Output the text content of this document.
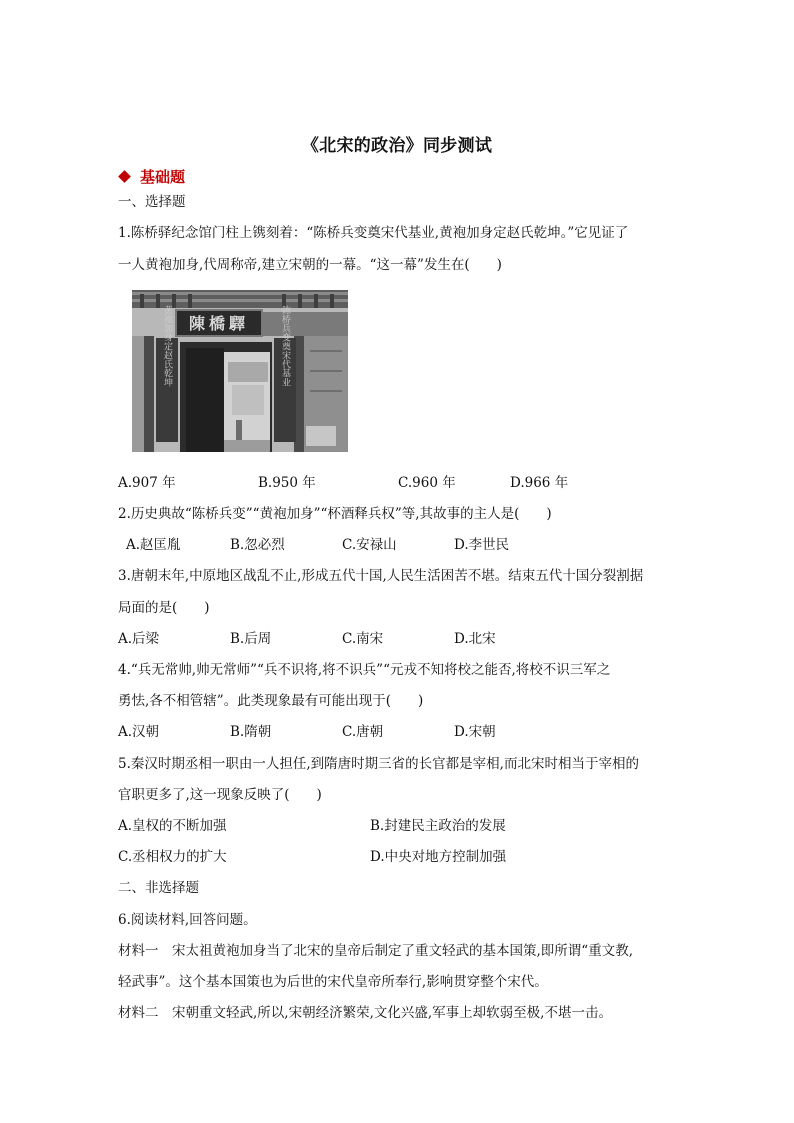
《北宋的政治》同步测试
基础题
一、选择题
1.陈桥驿纪念馆门柱上镌刻着：“陈桥兵变奠宋代基业,黄袍加身定赵氏乾坤。”它见证了
一人黄袍加身,代周称帝,建立宋朝的一幕。“这一幕”发生在(　　)
陳橋驛
黄袍加身定赵氏乾坤	陈桥兵变奠宋代基业
A.907 年	B.950 年	C.960 年	D.966 年
2.历史典故“陈桥兵变”“黄袍加身”“杯酒释兵权”等,其故事的主人是(　　)
A.赵匡胤	B.忽必烈	C.安禄山	D.李世民
3.唐朝末年,中原地区战乱不止,形成五代十国,人民生活困苦不堪。结束五代十国分裂割据
局面的是(　　)
A.后梁	B.后周	C.南宋	D.北宋
4.“兵无常帅,帅无常师”“兵不识将,将不识兵”“元戎不知将校之能否,将校不识三军之
勇怯,各不相管辖”。此类现象最有可能出现于(　　)
A.汉朝	B.隋朝	C.唐朝	D.宋朝
5.秦汉时期丞相一职由一人担任,到隋唐时期三省的长官都是宰相,而北宋时相当于宰相的
官职更多了,这一现象反映了(　　)
A.皇权的不断加强	B.封建民主政治的发展
C.丞相权力的扩大	D.中央对地方控制加强
二、非选择题
6.阅读材料,回答问题。
材料一　宋太祖黄袍加身当了北宋的皇帝后制定了重文轻武的基本国策,即所谓“重文教,
轻武事”。这个基本国策也为后世的宋代皇帝所奉行,影响贯穿整个宋代。
材料二　宋朝重文轻武,所以,宋朝经济繁荣,文化兴盛,军事上却软弱至极,不堪一击。
